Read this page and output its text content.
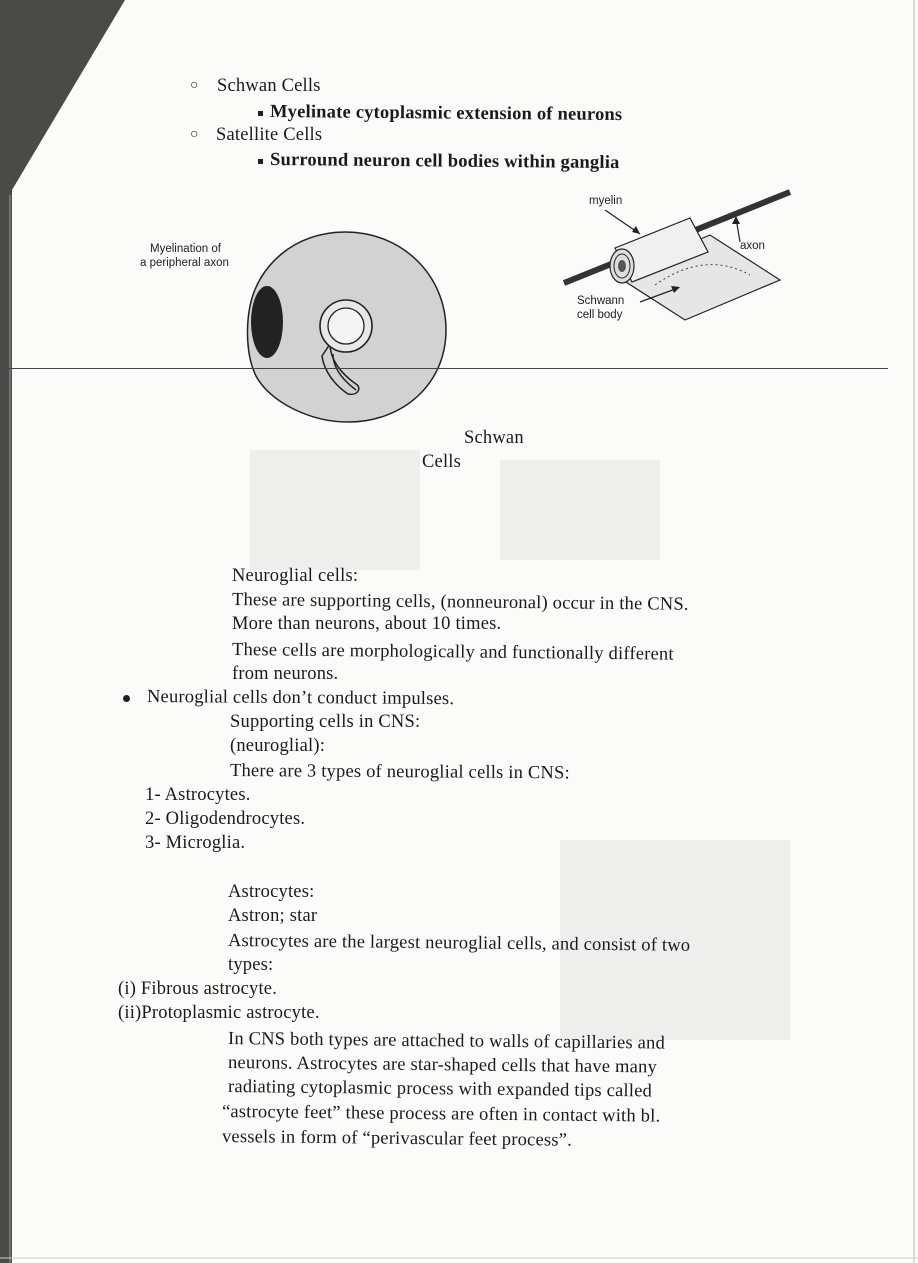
○ Schwan Cells
Myelinate cytoplasmic extension of neurons
○ Satellite Cells
Surround neuron cell bodies within ganglia
Myelination of
a peripheral axon
myelin
axon
Schwann
cell body
Schwan
Cells
Neuroglial cells:
These are supporting cells, (nonneuronal) occur in the CNS.
More than neurons, about 10 times.
These cells are morphologically and functionally different
from neurons.
Neuroglial cells don’t conduct impulses.
Supporting cells in CNS:
(neuroglial):
There are 3 types of neuroglial cells in CNS:
1- Astrocytes.
2- Oligodendrocytes.
3- Microglia.
Astrocytes:
Astron; star
Astrocytes are the largest neuroglial cells, and consist of two
types:
(i) Fibrous astrocyte.
(ii)Protoplasmic astrocyte.
In CNS both types are attached to walls of capillaries and
neurons. Astrocytes are star-shaped cells that have many
radiating cytoplasmic process with expanded tips called
“astrocyte feet” these process are often in contact with bl.
vessels in form of “perivascular feet process”.
